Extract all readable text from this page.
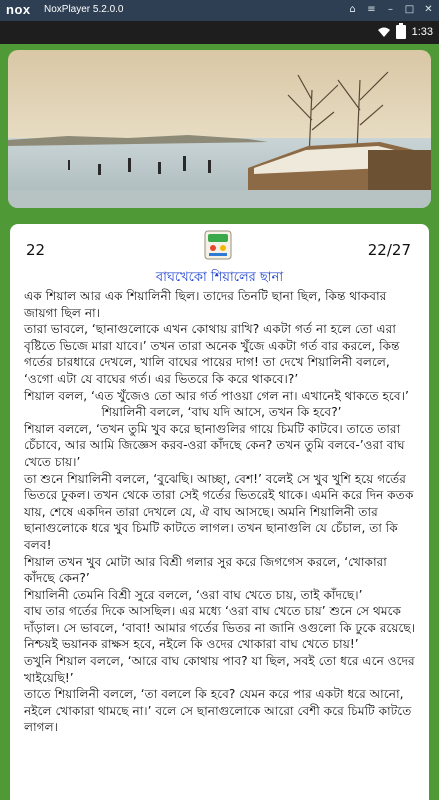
nox NoxPlayer 5.2.0.0	⌂	≡	–	□ ✕
1:33
22	22/27
বাঘখেকো শিয়ালের ছানা

এক শিয়াল আর এক শিয়ালিনী ছিল। তাদের তিনটি ছানা ছিল, কিন্ত থাকবার জায়গা ছিল না।

তারা ভাবলে, ‘ছানাগুলোকে এখন কোথায় রাখি? একটা গর্ত না হলে তো এরা বৃষ্টিতে ভিজে মারা যাবে।’ তখন তারা অনেক খুঁজে একটা গর্ত বার করলে, কিন্ত গর্তের চারধারে দেখলে, খালি বাঘের পায়ের দাগ! তা দেখে শিয়ালিনী বললে, ‘ওগো এটা যে বাঘের গর্ত। এর ভিতরে কি করে থাকবে।?’

শিয়াল বলল, ‘এত খুঁজেও তো আর গর্ত পাওয়া গেল না। এখানেই থাকতে হবে।’

শিয়ালিনী বললে, ‘বাঘ যদি আসে, তখন কি হবে?’

শিয়াল বললে, ‘তখন তুমি খুব করে ছানাগুলির গায়ে চিমটি কাটবে। তাতে তারা চেঁচাবে, আর আমি জিজ্ঞেস করব-ওরা কাঁদছে কেন? তখন তুমি বলবে-’ওরা বাঘ খেতে চায়।’

তা শুনে শিয়ালিনী বললে, ‘বুঝেছি। আচ্ছা, বেশ!’ বলেই সে খুব খুশি হয়ে গর্তের ভিতরে ঢুকল। তখন থেকে তারা সেই গর্তের ভিতরেই থাকে। এমনি করে দিন কতক যায়, শেষে একদিন তারা দেখলে যে, ঐ বাঘ আসছে। অমনি শিয়ালিনী তার ছানাগুলোকে ধরে খুব চিমটি কাটতে লাগল। তখন ছানাগুলি যে চেঁচাল, তা কি বলব!

শিয়াল তখন খুব মোটা আর বিশ্রী গলার সুর করে জিগগেস করলে, ‘খোকারা কাঁদছে কেন?’

শিয়ালিনী তেমনি বিশ্রী সুরে বললে, ‘ওরা বাঘ খেতে চায়, তাই কাঁদছে।’

বাঘ তার গর্তের দিকে আসছিল। এর মধ্যে ‘ওরা বাঘ খেতে চায়’ শুনে সে থমকে দাঁড়াল। সে ভাবলে, ‘বাবা! আমার গর্তের ভিতর না জানি ওগুলো কি ঢুকে রয়েছে। নিশ্চয়ই ভয়ানক রাক্ষস হবে, নইলে কি ওদের খোকারা বাঘ খেতে চায়!’

তখুনি শিয়াল বললে, ‘আরে বাঘ কোথায় পাব? যা ছিল, সবই তো ধরে এনে ওদের খাইয়েছি!’

তাতে শিয়ালিনী বললে, ‘তা বললে কি হবে? যেমন করে পার একটা ধরে আনো, নইলে খোকারা থামছে না।’ বলে সে ছানাগুলোকে আরো বেশী করে চিমটি কাটতে লাগল।
